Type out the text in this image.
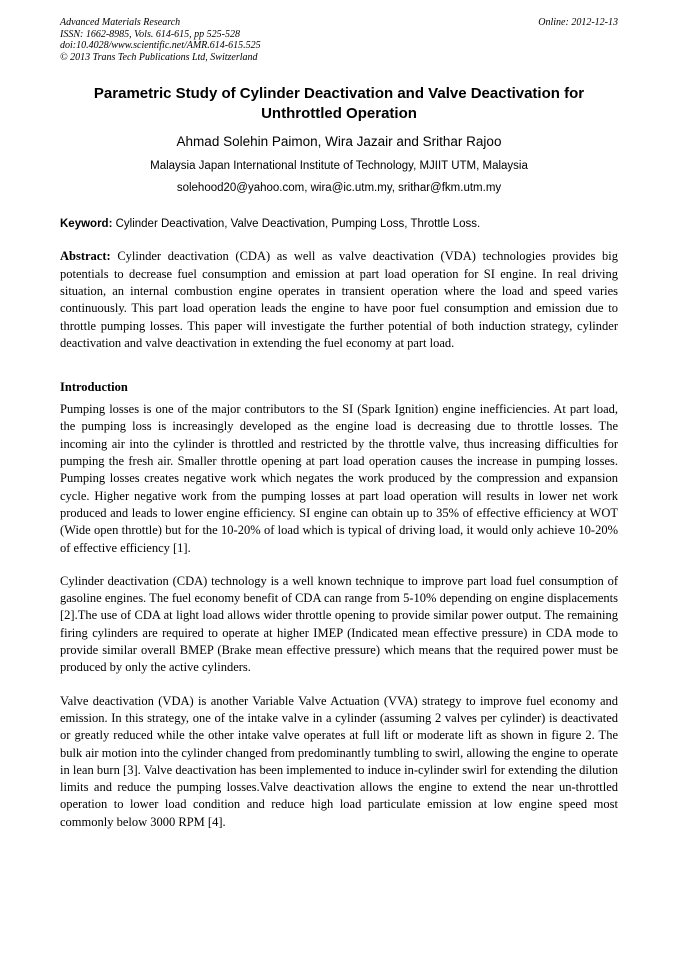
Advanced Materials Research
ISSN: 1662-8985, Vols. 614-615, pp 525-528
doi:10.4028/www.scientific.net/AMR.614-615.525
© 2013 Trans Tech Publications Ltd, Switzerland
Online: 2012-12-13
Parametric Study of Cylinder Deactivation and Valve Deactivation for Unthrottled Operation
Ahmad Solehin Paimon, Wira Jazair and Srithar Rajoo
Malaysia Japan International Institute of Technology, MJIIT UTM, Malaysia
solehood20@yahoo.com, wira@ic.utm.my, srithar@fkm.utm.my

Keyword: Cylinder Deactivation, Valve Deactivation, Pumping Loss, Throttle Loss.

Abstract: Cylinder deactivation (CDA) as well as valve deactivation (VDA) technologies provides big potentials to decrease fuel consumption and emission at part load operation for SI engine. In real driving situation, an internal combustion engine operates in transient operation where the load and speed varies continuously. This part load operation leads the engine to have poor fuel consumption and emission due to throttle pumping losses. This paper will investigate the further potential of both induction strategy, cylinder deactivation and valve deactivation in extending the fuel economy at part load.

Introduction

Pumping losses is one of the major contributors to the SI (Spark Ignition) engine inefficiencies. At part load, the pumping loss is increasingly developed as the engine load is decreasing due to throttle losses. The incoming air into the cylinder is throttled and restricted by the throttle valve, thus increasing difficulties for pumping the fresh air. Smaller throttle opening at part load operation causes the increase in pumping losses. Pumping losses creates negative work which negates the work produced by the compression and expansion cycle. Higher negative work from the pumping losses at part load operation will results in lower net work produced and leads to lower engine efficiency. SI engine can obtain up to 35% of effective efficiency at WOT (Wide open throttle) but for the 10-20% of load which is typical of driving load, it would only achieve 10-20% of effective efficiency [1].

Cylinder deactivation (CDA) technology is a well known technique to improve part load fuel consumption of gasoline engines. The fuel economy benefit of CDA can range from 5-10% depending on engine displacements [2].The use of CDA at light load allows wider throttle opening to provide similar power output. The remaining firing cylinders are required to operate at higher IMEP (Indicated mean effective pressure) in CDA mode to provide similar overall BMEP (Brake mean effective pressure) which means that the required power must be produced by only the active cylinders.

Valve deactivation (VDA) is another Variable Valve Actuation (VVA) strategy to improve fuel economy and emission. In this strategy, one of the intake valve in a cylinder (assuming 2 valves per cylinder) is deactivated or greatly reduced while the other intake valve operates at full lift or moderate lift as shown in figure 2. The bulk air motion into the cylinder changed from predominantly tumbling to swirl, allowing the engine to operate in lean burn [3]. Valve deactivation has been implemented to induce in-cylinder swirl for extending the dilution limits and reduce the pumping losses.Valve deactivation allows the engine to extend the near un-throttled operation to lower load condition and reduce high load particulate emission at low engine speed most commonly below 3000 RPM [4].
